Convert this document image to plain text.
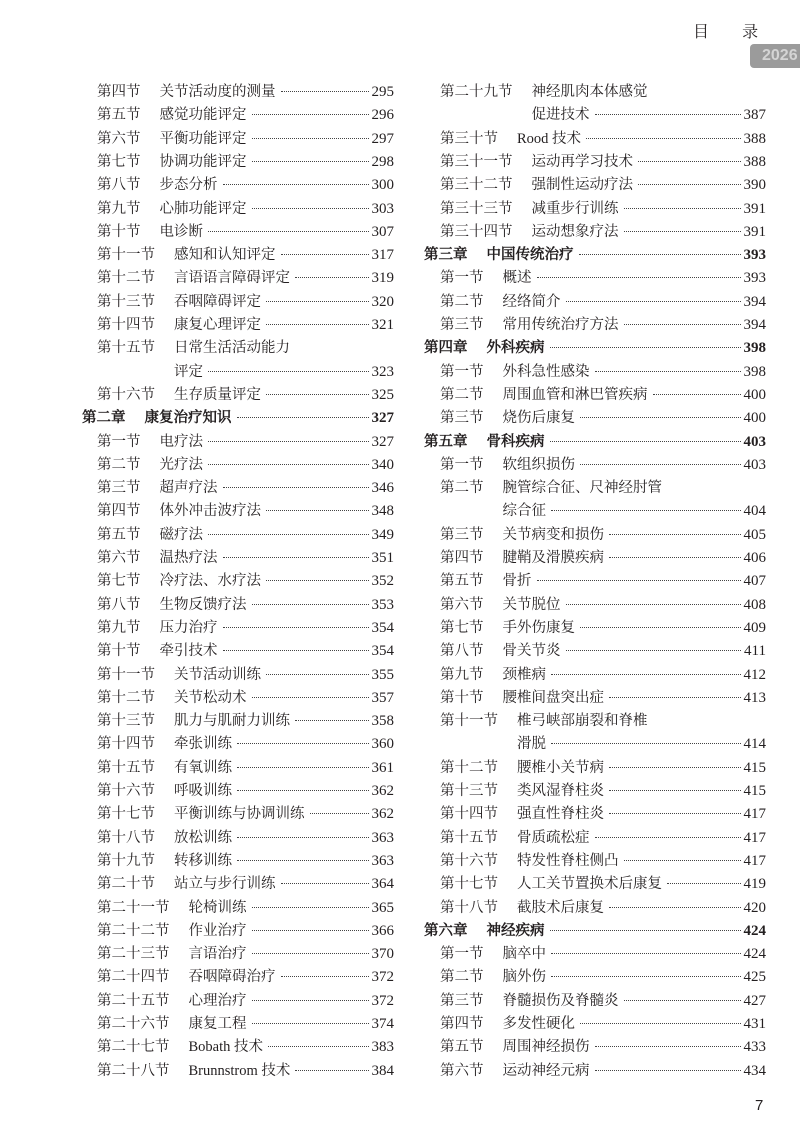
目 录
2026
第四节 关节活动度的测量	295
第五节 感觉功能评定	296
第六节 平衡功能评定	297
第七节 协调功能评定	298
第八节 步态分析	300
第九节 心肺功能评定	303
第十节 电诊断	307
第十一节 感知和认知评定	317
第十二节 言语语言障碍评定	319
第十三节 吞咽障碍评定	320
第十四节 康复心理评定	321
第十五节 日常生活活动能力
评定	323
第十六节 生存质量评定	325
第二章 康复治疗知识	327
第一节 电疗法	327
第二节 光疗法	340
第三节 超声疗法	346
第四节 体外冲击波疗法	348
第五节 磁疗法	349
第六节 温热疗法	351
第七节 冷疗法、水疗法	352
第八节 生物反馈疗法	353
第九节 压力治疗	354
第十节 牵引技术	354
第十一节 关节活动训练	355
第十二节 关节松动术	357
第十三节 肌力与肌耐力训练	358
第十四节 牵张训练	360
第十五节 有氧训练	361
第十六节 呼吸训练	362
第十七节 平衡训练与协调训练	362
第十八节 放松训练	363
第十九节 转移训练	363
第二十节 站立与步行训练	364
第二十一节 轮椅训练	365
第二十二节 作业治疗	366
第二十三节 言语治疗	370
第二十四节 吞咽障碍治疗	372
第二十五节 心理治疗	372
第二十六节 康复工程	374
第二十七节 Bobath 技术	383
第二十八节 Brunnstrom 技术	384
第二十九节 神经肌肉本体感觉
促进技术	387
第三十节 Rood 技术	388
第三十一节 运动再学习技术	388
第三十二节 强制性运动疗法	390
第三十三节 减重步行训练	391
第三十四节 运动想象疗法	391
第三章 中国传统治疗	393
第一节 概述	393
第二节 经络简介	394
第三节 常用传统治疗方法	394
第四章 外科疾病	398
第一节 外科急性感染	398
第二节 周围血管和淋巴管疾病	400
第三节 烧伤后康复	400
第五章 骨科疾病	403
第一节 软组织损伤	403
第二节 腕管综合征、尺神经肘管
综合征	404
第三节 关节病变和损伤	405
第四节 腱鞘及滑膜疾病	406
第五节 骨折	407
第六节 关节脱位	408
第七节 手外伤康复	409
第八节 骨关节炎	411
第九节 颈椎病	412
第十节 腰椎间盘突出症	413
第十一节 椎弓峡部崩裂和脊椎
滑脱	414
第十二节 腰椎小关节病	415
第十三节 类风湿脊柱炎	415
第十四节 强直性脊柱炎	417
第十五节 骨质疏松症	417
第十六节 特发性脊柱侧凸	417
第十七节 人工关节置换术后康复	419
第十八节 截肢术后康复	420
第六章 神经疾病	424
第一节 脑卒中	424
第二节 脑外伤	425
第三节 脊髓损伤及脊髓炎	427
第四节 多发性硬化	431
第五节 周围神经损伤	433
第六节 运动神经元病	434
7
